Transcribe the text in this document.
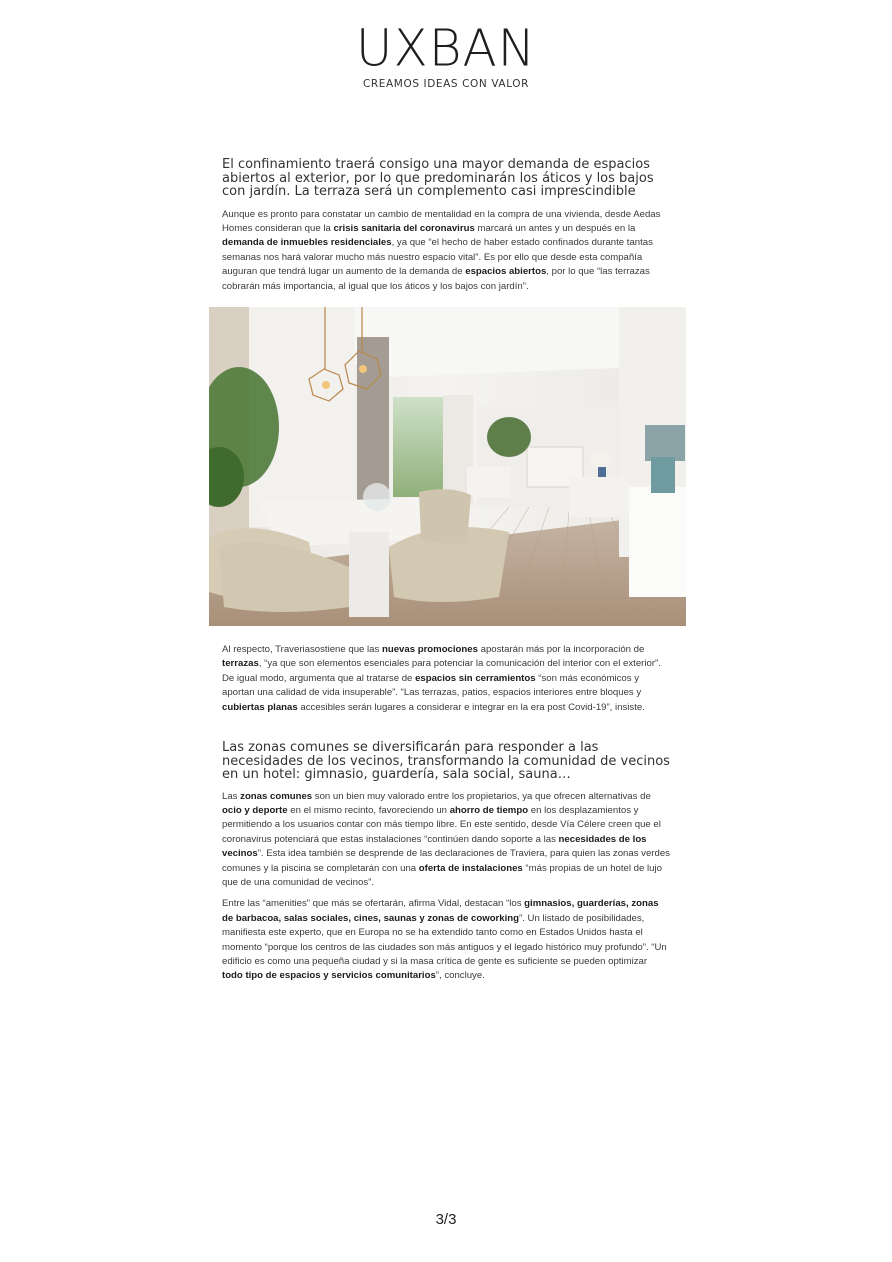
UXBAN
CREAMOS IDEAS CON VALOR
El confinamiento traerá consigo una mayor demanda de espacios abiertos al exterior, por lo que predominarán los áticos y los bajos con jardín. La terraza será un complemento casi imprescindible

Aunque es pronto para constatar un cambio de mentalidad en la compra de una vivienda, desde Aedas Homes consideran que la crisis sanitaria del coronavirus marcará un antes y un después en la demanda de inmuebles residenciales, ya que “el hecho de haber estado confinados durante tantas semanas nos hará valorar mucho más nuestro espacio vital”. Es por ello que desde esta compañía auguran que tendrá lugar un aumento de la demanda de espacios abiertos, por lo que “las terrazas cobrarán más importancia, al igual que los áticos y los bajos con jardín”.

Al respecto, Traveriasostiene que las nuevas promociones apostarán más por la incorporación de terrazas, “ya que son elementos esenciales para potenciar la comunicación del interior con el exterior”. De igual modo, argumenta que al tratarse de espacios sin cerramientos “son más económicos y aportan una calidad de vida insuperable”. “Las terrazas, patios, espacios interiores entre bloques y cubiertas planas accesibles serán lugares a considerar e integrar en la era post Covid-19”, insiste.

Las zonas comunes se diversificarán para responder a las necesidades de los vecinos, transformando la comunidad de vecinos en un hotel: gimnasio, guardería, sala social, sauna…

Las zonas comunes son un bien muy valorado entre los propietarios, ya que ofrecen alternativas de ocio y deporte en el mismo recinto, favoreciendo un ahorro de tiempo en los desplazamientos y permitiendo a los usuarios contar con más tiempo libre. En este sentido, desde Vía Célere creen que el coronavirus potenciará que estas instalaciones “continúen dando soporte a las necesidades de los vecinos”. Esta idea también se desprende de las declaraciones de Traviera, para quien las zonas verdes comunes y la piscina se completarán con una oferta de instalaciones “más propias de un hotel de lujo que de una comunidad de vecinos”.

Entre las “amenities” que más se ofertarán, afirma Vidal, destacan “los gimnasios, guarderías, zonas de barbacoa, salas sociales, cines, saunas y zonas de coworking”. Un listado de posibilidades, manifiesta este experto, que en Europa no se ha extendido tanto como en Estados Unidos hasta el momento “porque los centros de las ciudades son más antiguos y el legado histórico muy profundo”. “Un edificio es como una pequeña ciudad y si la masa crítica de gente es suficiente se pueden optimizar todo tipo de espacios y servicios comunitarios”, concluye.

3/3
